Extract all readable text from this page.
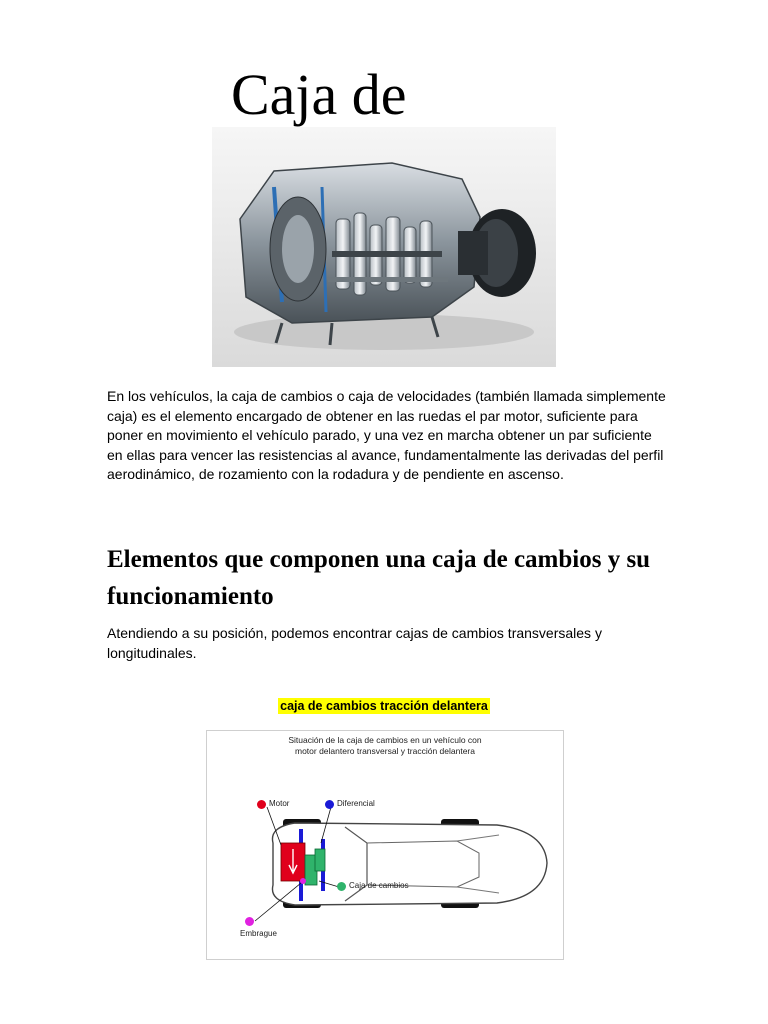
Caja de

En los vehículos, la caja de cambios o caja de velocidades (también llamada simplemente caja) es el elemento encargado de obtener en las ruedas el par motor, suficiente para poner en movimiento el vehículo parado, y una vez en marcha obtener un par suficiente en ellas para vencer las resistencias al avance, fundamentalmente las derivadas del perfil aerodinámico, de rozamiento con la rodadura y de pendiente en ascenso.

Elementos que componen una caja de cambios y su funcionamiento

Atendiendo a su posición, podemos encontrar cajas de cambios transversales y longitudinales.

caja de cambios tracción delantera

Situación de la caja de cambios en un vehículo con
motor delantero transversal y tracción delantera

Motor	Diferencial
Caja de cambios
Embrague
